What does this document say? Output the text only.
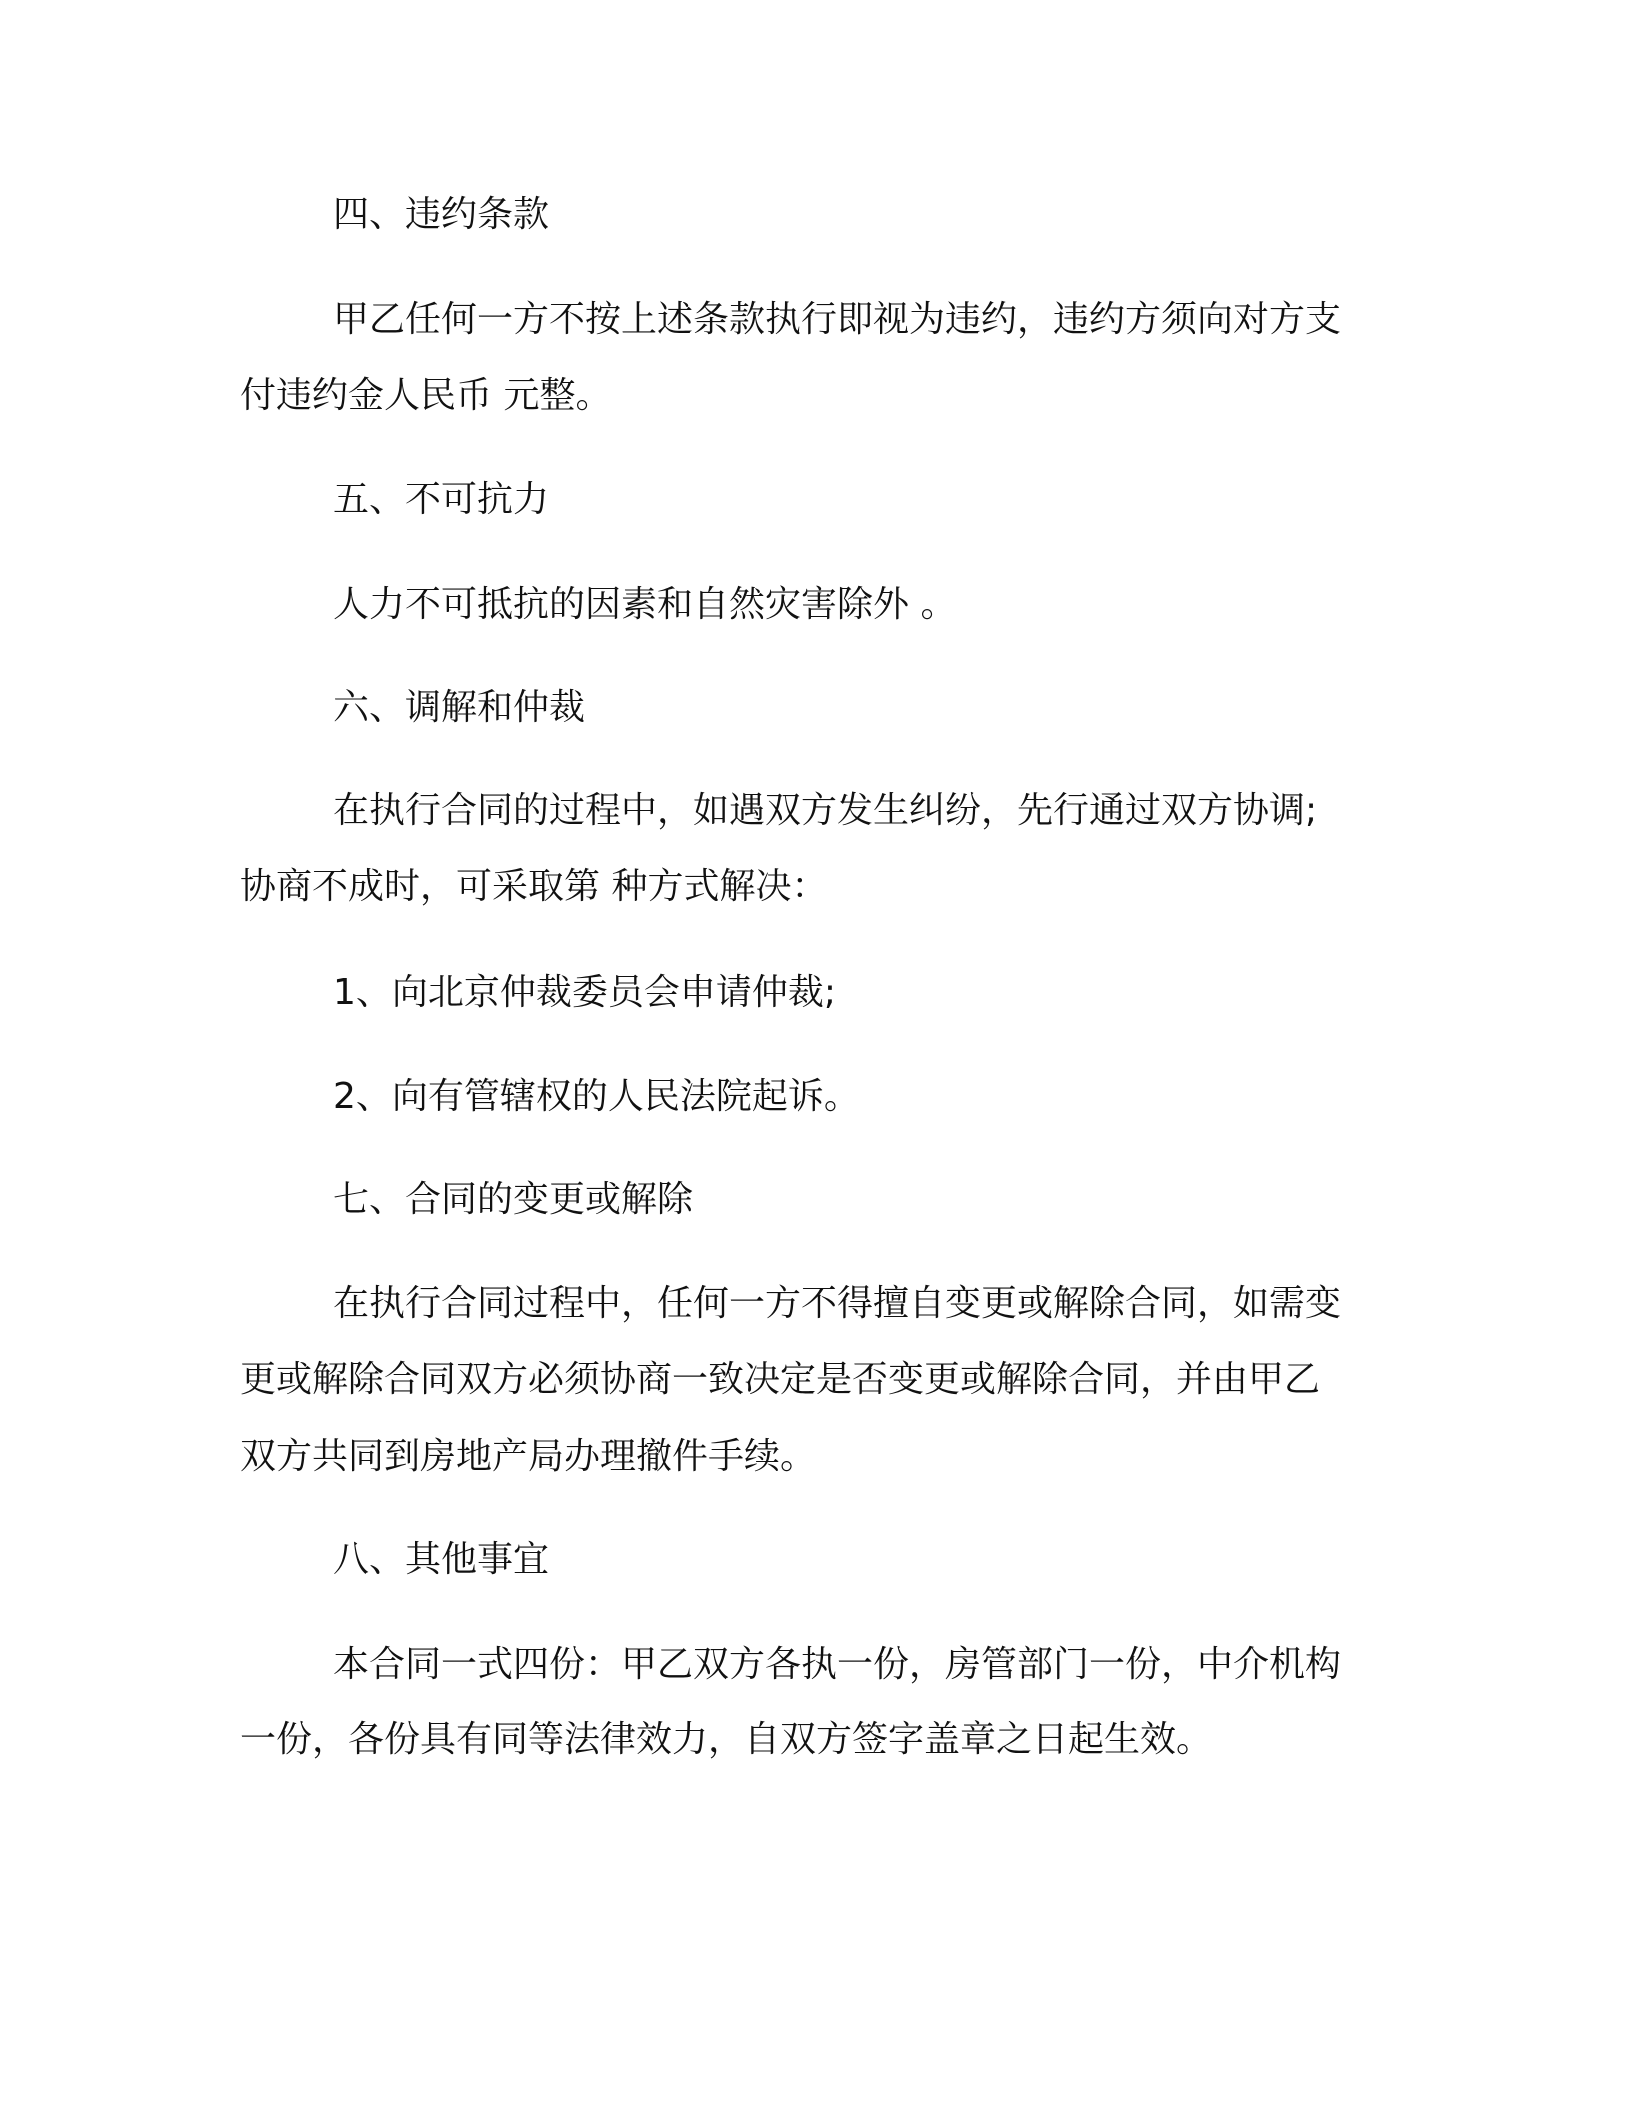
四、违约条款

甲乙任何一方不按上述条款执行即视为违约，违约方须向对方支

付违约金人民币 元整。

五、不可抗力

人力不可抵抗的因素和自然灾害除外 。

六、调解和仲裁

在执行合同的过程中，如遇双方发生纠纷，先行通过双方协调;

协商不成时，可采取第 种方式解决：

1、向北京仲裁委员会申请仲裁;

2、向有管辖权的人民法院起诉。

七、合同的变更或解除

在执行合同过程中，任何一方不得擅自变更或解除合同，如需变

更或解除合同双方必须协商一致决定是否变更或解除合同，并由甲乙

双方共同到房地产局办理撤件手续。

八、其他事宜

本合同一式四份：甲乙双方各执一份，房管部门一份，中介机构

一份，各份具有同等法律效力，自双方签字盖章之日起生效。
